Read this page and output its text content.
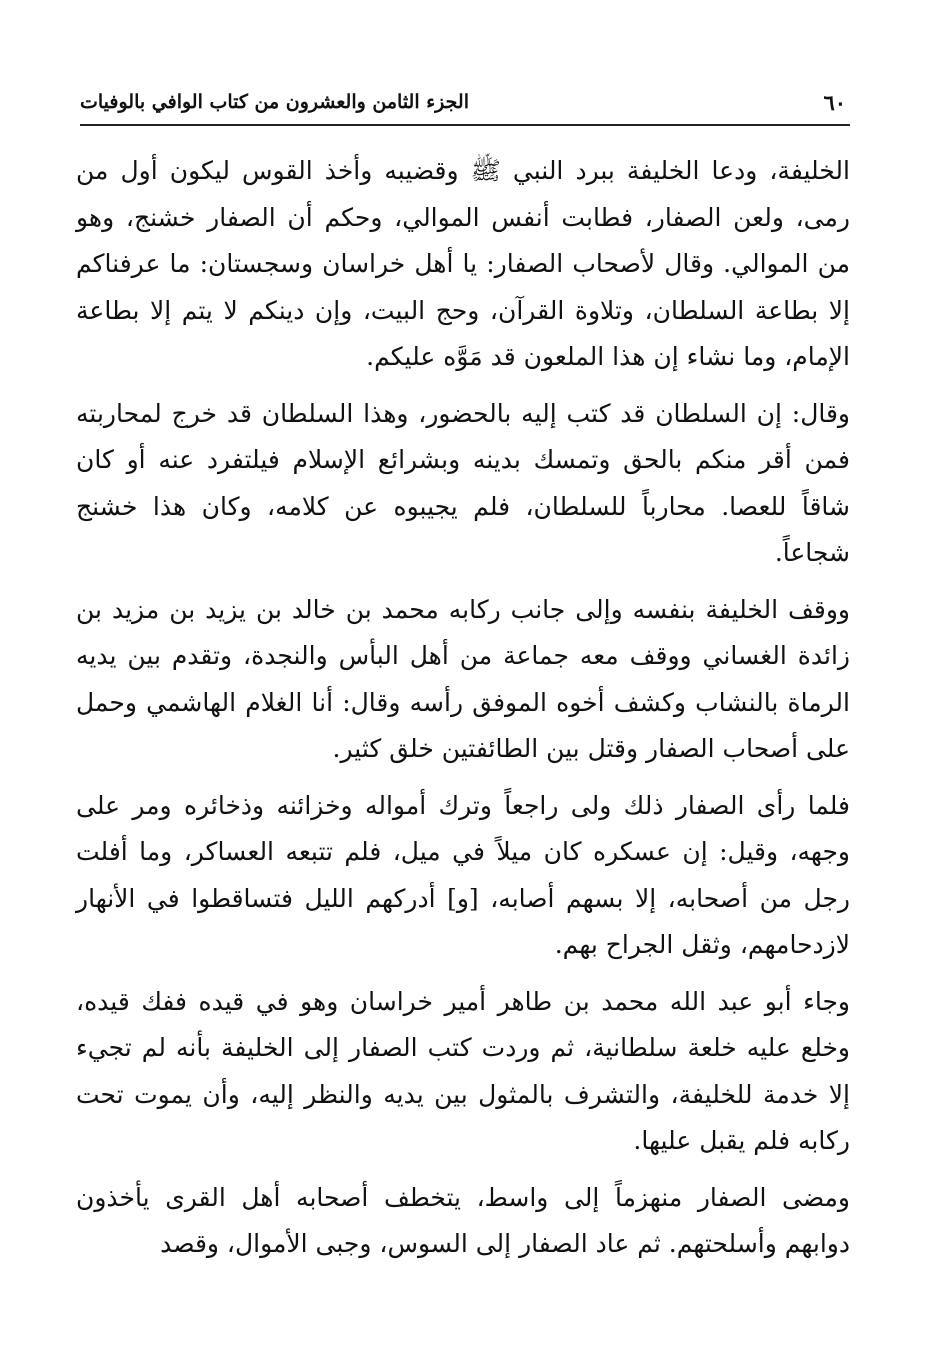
٦٠
الجزء الثامن والعشرون من كتاب الوافي بالوفيات

الخليفة، ودعا الخليفة ببرد النبي ﷺ وقضيبه وأخذ القوس ليكون أول من رمى، ولعن الصفار، فطابت أنفس الموالي، وحكم أن الصفار خشنج، وهو من الموالي. وقال لأصحاب الصفار: يا أهل خراسان وسجستان: ما عرفناكم إلا بطاعة السلطان، وتلاوة القرآن، وحج البيت، وإن دينكم لا يتم إلا بطاعة الإمام، وما نشاء إن هذا الملعون قد مَوَّه عليكم.

وقال: إن السلطان قد كتب إليه بالحضور، وهذا السلطان قد خرج لمحاربته فمن أقر منكم بالحق وتمسك بدينه وبشرائع الإسلام فيلتفرد عنه أو كان شاقاً للعصا. محارباً للسلطان، فلم يجيبوه عن كلامه، وكان هذا خشنج شجاعاً.

ووقف الخليفة بنفسه وإلى جانب ركابه محمد بن خالد بن يزيد بن مزيد بن زائدة الغساني ووقف معه جماعة من أهل البأس والنجدة، وتقدم بين يديه الرماة بالنشاب وكشف أخوه الموفق رأسه وقال: أنا الغلام الهاشمي وحمل على أصحاب الصفار وقتل بين الطائفتين خلق كثير.

فلما رأى الصفار ذلك ولى راجعاً وترك أمواله وخزائنه وذخائره ومر على وجهه، وقيل: إن عسكره كان ميلاً في ميل، فلم تتبعه العساكر، وما أفلت رجل من أصحابه، إلا بسهم أصابه، [و] أدركهم الليل فتساقطوا في الأنهار لازدحامهم، وثقل الجراح بهم.

وجاء أبو عبد الله محمد بن طاهر أمير خراسان وهو في قيده ففك قيده، وخلع عليه خلعة سلطانية، ثم وردت كتب الصفار إلى الخليفة بأنه لم تجيء إلا خدمة للخليفة، والتشرف بالمثول بين يديه والنظر إليه، وأن يموت تحت ركابه فلم يقبل عليها.

ومضى الصفار منهزماً إلى واسط، يتخطف أصحابه أهل القرى يأخذون دوابهم وأسلحتهم. ثم عاد الصفار إلى السوس، وجبى الأموال، وقصد
